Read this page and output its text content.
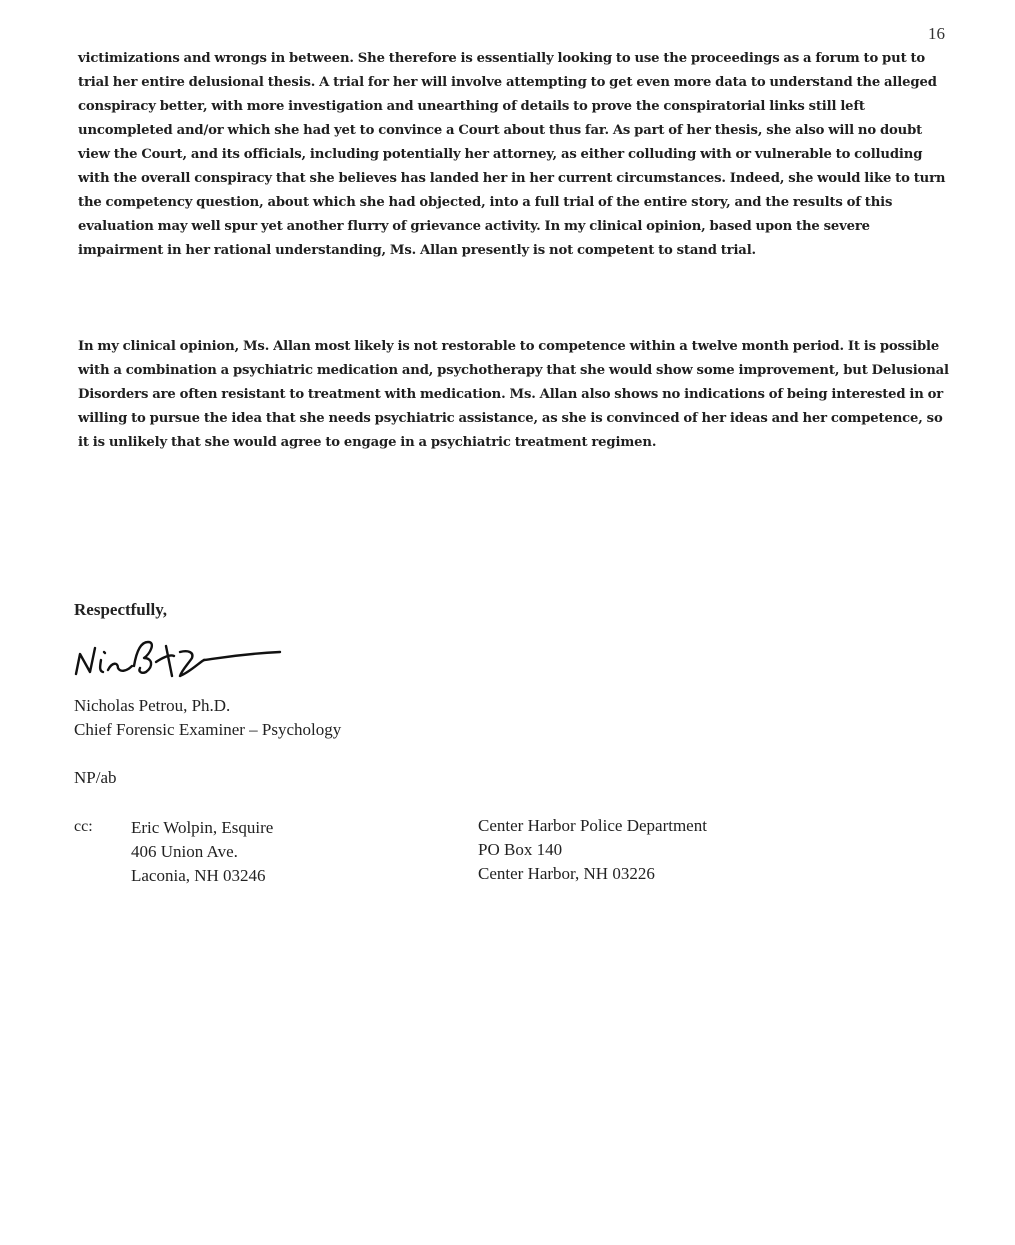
16

victimizations and wrongs in between. She therefore is essentially looking to use the proceedings as a forum to put to trial her entire delusional thesis. A trial for her will involve attempting to get even more data to understand the alleged conspiracy better, with more investigation and unearthing of details to prove the conspiratorial links still left uncompleted and/or which she had yet to convince a Court about thus far. As part of her thesis, she also will no doubt view the Court, and its officials, including potentially her attorney, as either colluding with or vulnerable to colluding with the overall conspiracy that she believes has landed her in her current circumstances. Indeed, she would like to turn the competency question, about which she had objected, into a full trial of the entire story, and the results of this evaluation may well spur yet another flurry of grievance activity. In my clinical opinion, based upon the severe impairment in her rational understanding, Ms. Allan presently is not competent to stand trial.

In my clinical opinion, Ms. Allan most likely is not restorable to competence within a twelve month period. It is possible with a combination a psychiatric medication and, psychotherapy that she would show some improvement, but Delusional Disorders are often resistant to treatment with medication. Ms. Allan also shows no indications of being interested in or willing to pursue the idea that she needs psychiatric assistance, as she is convinced of her ideas and her competence, so it is unlikely that she would agree to engage in a psychiatric treatment regimen.

Respectfully,
Nicholas Petrou, Ph.D.
Chief Forensic Examiner – Psychology
NP/ab
cc: Eric Wolpin, Esquire
406 Union Ave.
Laconia, NH 03246
Center Harbor Police Department
PO Box 140
Center Harbor, NH 03226
